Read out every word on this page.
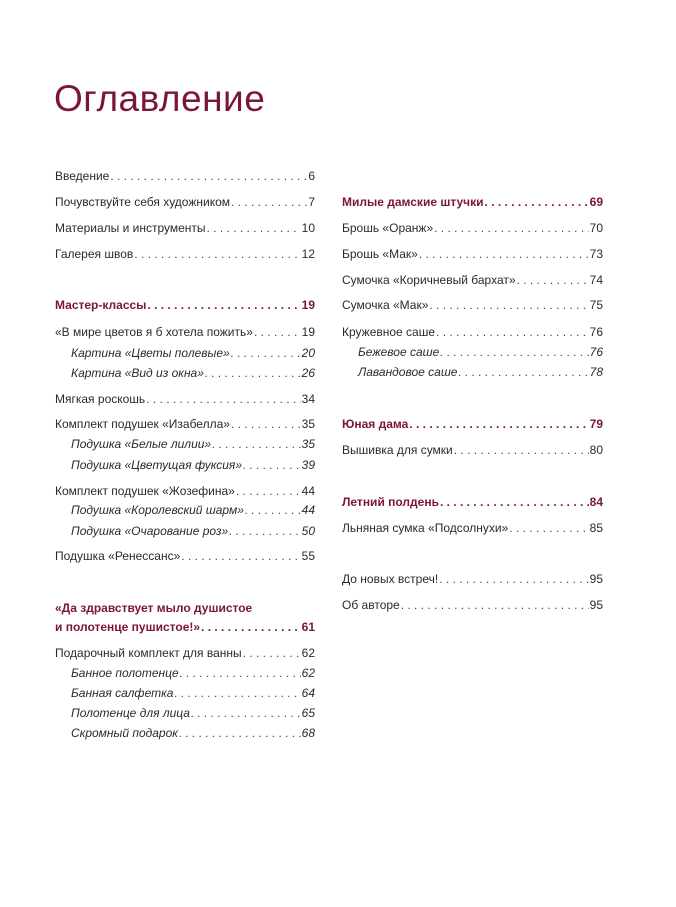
Оглавление
Введение . . .	6
Почувствуйте себя художником . . .	7
Материалы и инструменты . . .	10
Галерея швов . . .	12
Мастер-классы . . .	19
«В мире цветов я б хотела пожить» . . .	19
Картина «Цветы полевые» . . .	20
Картина «Вид из окна» . . .	26
Мягкая роскошь . . .	34
Комплект подушек «Изабелла» . . .	35
Подушка «Белые лилии» . . .	35
Подушка «Цветущая фуксия» . . .	39
Комплект подушек «Жозефина» . . .	44
Подушка «Королевский шарм» . . .	44
Подушка «Очарование роз» . . .	50
Подушка «Ренессанс» . . .	55
«Да здравствует мыло душистое
и полотенце пушистое!» . . .	61
Подарочный комплект для ванны . . .	62
Банное полотенце . . .	62
Банная салфетка . . .	64
Полотенце для лица . . .	65
Скромный подарок . . .	68
Милые дамские штучки . . .	69
Брошь «Оранж» . . .	70
Брошь «Мак» . . .	73
Сумочка «Коричневый бархат» . . .	74
Сумочка «Мак» . . .	75
Кружевное саше . . .	76
Бежевое саше . . .	76
Лавандовое саше . . .	78
Юная дама . . .	79
Вышивка для сумки . . .	80
Летний полдень . . .	84
Льняная сумка «Подсолнухи» . . .	85
До новых встреч! . . .	95
Об авторе . . .	95
